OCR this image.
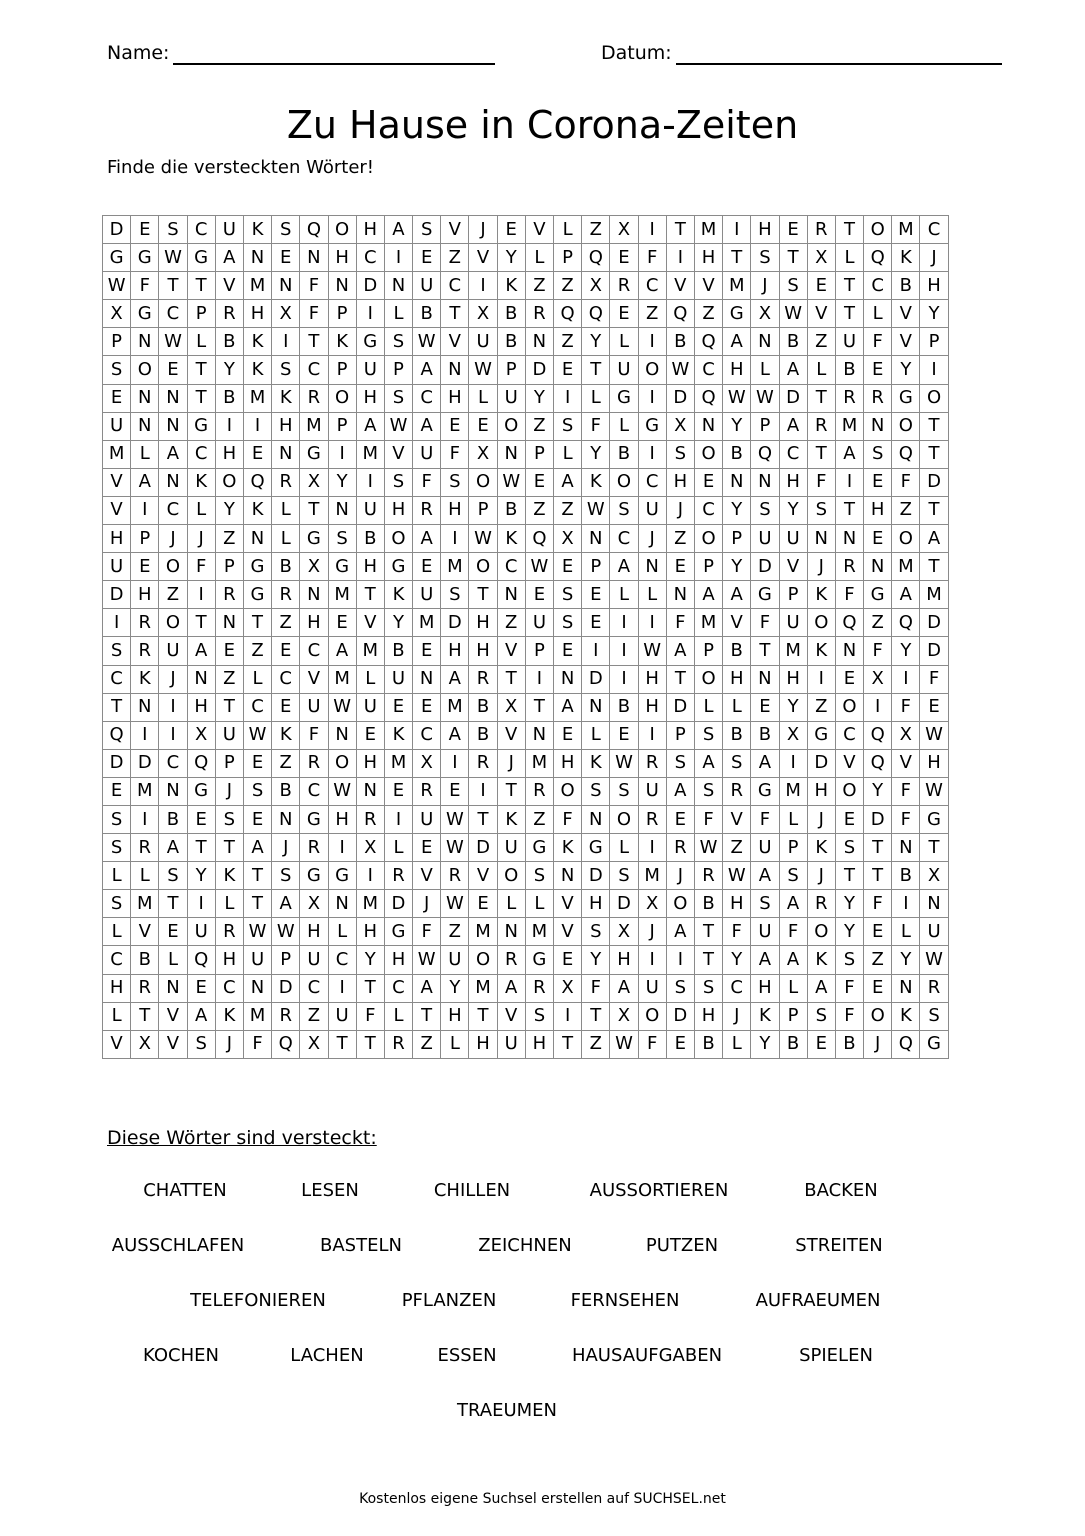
Name:	Datum:
Zu Hause in Corona-Zeiten
Finde die versteckten Wörter!
D	E	S	C	U	K	S	Q	O	H	A	S	V	J	E	V	L	Z	X	I	T	M	I	H	E	R	T	O	M	C
G	G	W	G	A	N	E	N	H	C	I	E	Z	V	Y	L	P	Q	E	F	I	H	T	S	T	X	L	Q	K	J
W	F	T	T	V	M	N	F	N	D	N	U	C	I	K	Z	Z	X	R	C	V	V	M	J	S	E	T	C	B	H
X	G	C	P	R	H	X	F	P	I	L	B	T	X	B	R	Q	Q	E	Z	Q	Z	G	X	W	V	T	L	V	Y
P	N	W	L	B	K	I	T	K	G	S	W	V	U	B	N	Z	Y	L	I	B	Q	A	N	B	Z	U	F	V	P
S	O	E	T	Y	K	S	C	P	U	P	A	N	W	P	D	E	T	U	O	W	C	H	L	A	L	B	E	Y	I
E	N	N	T	B	M	K	R	O	H	S	C	H	L	U	Y	I	L	G	I	D	Q	W	W	D	T	R	R	G	O
U	N	N	G	I	I	H	M	P	A	W	A	E	E	O	Z	S	F	L	G	X	N	Y	P	A	R	M	N	O	T
M	L	A	C	H	E	N	G	I	M	V	U	F	X	N	P	L	Y	B	I	S	O	B	Q	C	T	A	S	Q	T
V	A	N	K	O	Q	R	X	Y	I	S	F	S	O	W	E	A	K	O	C	H	E	N	N	H	F	I	E	F	D
V	I	C	L	Y	K	L	T	N	U	H	R	H	P	B	Z	Z	W	S	U	J	C	Y	S	Y	S	T	H	Z	T
H	P	J	J	Z	N	L	G	S	B	O	A	I	W	K	Q	X	N	C	J	Z	O	P	U	U	N	N	E	O	A
U	E	O	F	P	G	B	X	G	H	G	E	M	O	C	W	E	P	A	N	E	P	Y	D	V	J	R	N	M	T
D	H	Z	I	R	G	R	N	M	T	K	U	S	T	N	E	S	E	L	L	N	A	A	G	P	K	F	G	A	M
I	R	O	T	N	T	Z	H	E	V	Y	M	D	H	Z	U	S	E	I	I	F	M	V	F	U	O	Q	Z	Q	D
S	R	U	A	E	Z	E	C	A	M	B	E	H	H	V	P	E	I	I	W	A	P	B	T	M	K	N	F	Y	D
C	K	J	N	Z	L	C	V	M	L	U	N	A	R	T	I	N	D	I	H	T	O	H	N	H	I	E	X	I	F
T	N	I	H	T	C	E	U	W	U	E	E	M	B	X	T	A	N	B	H	D	L	L	E	Y	Z	O	I	F	E
Q	I	I	X	U	W	K	F	N	E	K	C	A	B	V	N	E	L	E	I	P	S	B	B	X	G	C	Q	X	W
D	D	C	Q	P	E	Z	R	O	H	M	X	I	R	J	M	H	K	W	R	S	A	S	A	I	D	V	Q	V	H
E	M	N	G	J	S	B	C	W	N	E	R	E	I	T	R	O	S	S	U	A	S	R	G	M	H	O	Y	F	W
S	I	B	E	S	E	N	G	H	R	I	U	W	T	K	Z	F	N	O	R	E	F	V	F	L	J	E	D	F	G
S	R	A	T	T	A	J	R	I	X	L	E	W	D	U	G	K	G	L	I	R	W	Z	U	P	K	S	T	N	T
L	L	S	Y	K	T	S	G	G	I	R	V	R	V	O	S	N	D	S	M	J	R	W	A	S	J	T	T	B	X
S	M	T	I	L	T	A	X	N	M	D	J	W	E	L	L	V	H	D	X	O	B	H	S	A	R	Y	F	I	N
L	V	E	U	R	W	W	H	L	H	G	F	Z	M	N	M	V	S	X	J	A	T	F	U	F	O	Y	E	L	U
C	B	L	Q	H	U	P	U	C	Y	H	W	U	O	R	G	E	Y	H	I	I	T	Y	A	A	K	S	Z	Y	W
H	R	N	E	C	N	D	C	I	T	C	A	Y	M	A	R	X	F	A	U	S	S	C	H	L	A	F	E	N	R
L	T	V	A	K	M	R	Z	U	F	L	T	H	T	V	S	I	T	X	O	D	H	J	K	P	S	F	O	K	S
V	X	V	S	J	F	Q	X	T	T	R	Z	L	H	U	H	T	Z	W	F	E	B	L	Y	B	E	B	J	Q	G
Diese Wörter sind versteckt:
CHATTEN	LESEN	CHILLEN	AUSSORTIEREN	BACKEN
AUSSCHLAFEN	BASTELN	ZEICHNEN	PUTZEN	STREITEN
TELEFONIEREN	PFLANZEN	FERNSEHEN	AUFRAEUMEN
KOCHEN	LACHEN	ESSEN	HAUSAUFGABEN	SPIELEN
TRAEUMEN
Kostenlos eigene Suchsel erstellen auf SUCHSEL.net
